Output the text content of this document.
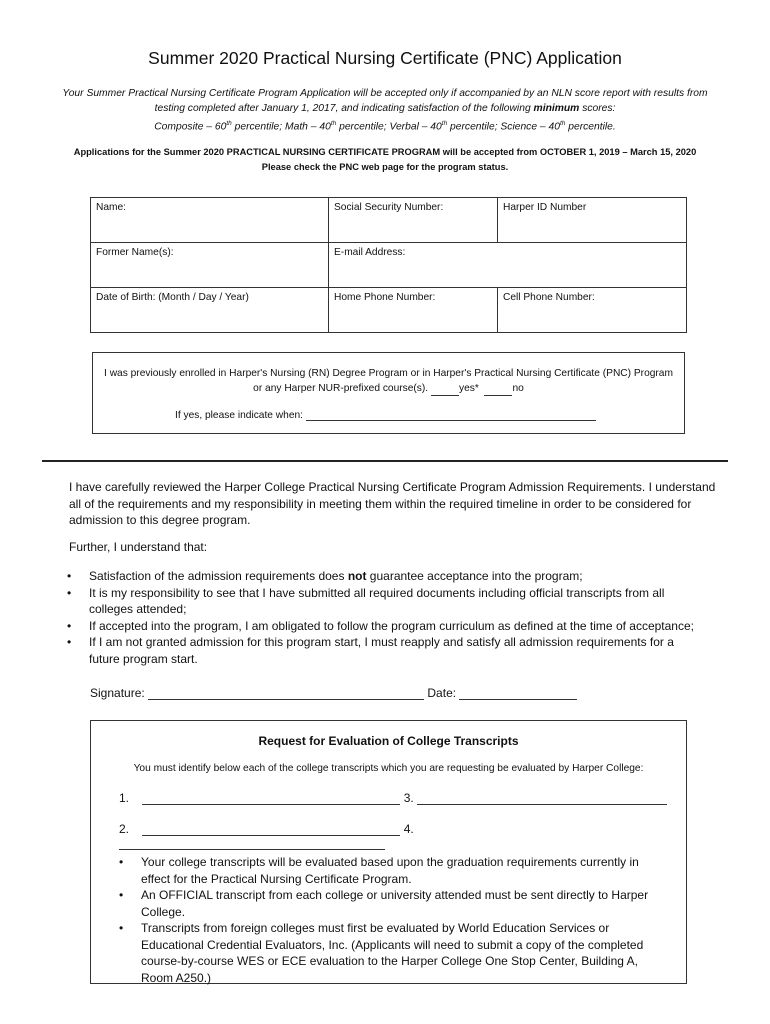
Summer 2020 Practical Nursing Certificate (PNC) Application
Your Summer Practical Nursing Certificate Program Application will be accepted only if accompanied by an NLN score report with results from
testing completed after January 1, 2017, and indicating satisfaction of the following minimum scores:
Composite – 60th percentile; Math – 40th percentile; Verbal – 40th percentile; Science – 40th percentile.
Applications for the Summer 2020 PRACTICAL NURSING CERTIFICATE PROGRAM will be accepted from OCTOBER 1, 2019 – March 15, 2020
Please check the PNC web page for the program status.
Name:	Social Security Number:	Harper ID Number
Former Name(s):	E-mail Address:	
Date of Birth: (Month / Day / Year)	Home Phone Number:	Cell Phone Number:
I was previously enrolled in Harper's Nursing (RN) Degree Program or in Harper's Practical Nursing Certificate (PNC) Program
or any Harper NUR-prefixed course(s).	yes*	no
If yes, please indicate when:
I have carefully reviewed the Harper College Practical Nursing Certificate Program Admission Requirements. I understand all of the requirements and my responsibility in meeting them within the required timeline in order to be considered for admission to this degree program.
Further, I understand that:
• Satisfaction of the admission requirements does not guarantee acceptance into the program;
• It is my responsibility to see that I have submitted all required documents including official transcripts from all colleges attended;
• If accepted into the program, I am obligated to follow the program curriculum as defined at the time of acceptance;
• If I am not granted admission for this program start, I must reapply and satisfy all admission requirements for a future program start.
Signature:	Date:
Request for Evaluation of College Transcripts
You must identify below each of the college transcripts which you are requesting be evaluated by Harper College:
1.	3.
2.	4.
• Your college transcripts will be evaluated based upon the graduation requirements currently in effect for the Practical Nursing Certificate Program.
• An OFFICIAL transcript from each college or university attended must be sent directly to Harper College.
• Transcripts from foreign colleges must first be evaluated by World Education Services or Educational Credential Evaluators, Inc. (Applicants will need to submit a copy of the completed course-by-course WES or ECE evaluation to the Harper College One Stop Center, Building A, Room A250.)
